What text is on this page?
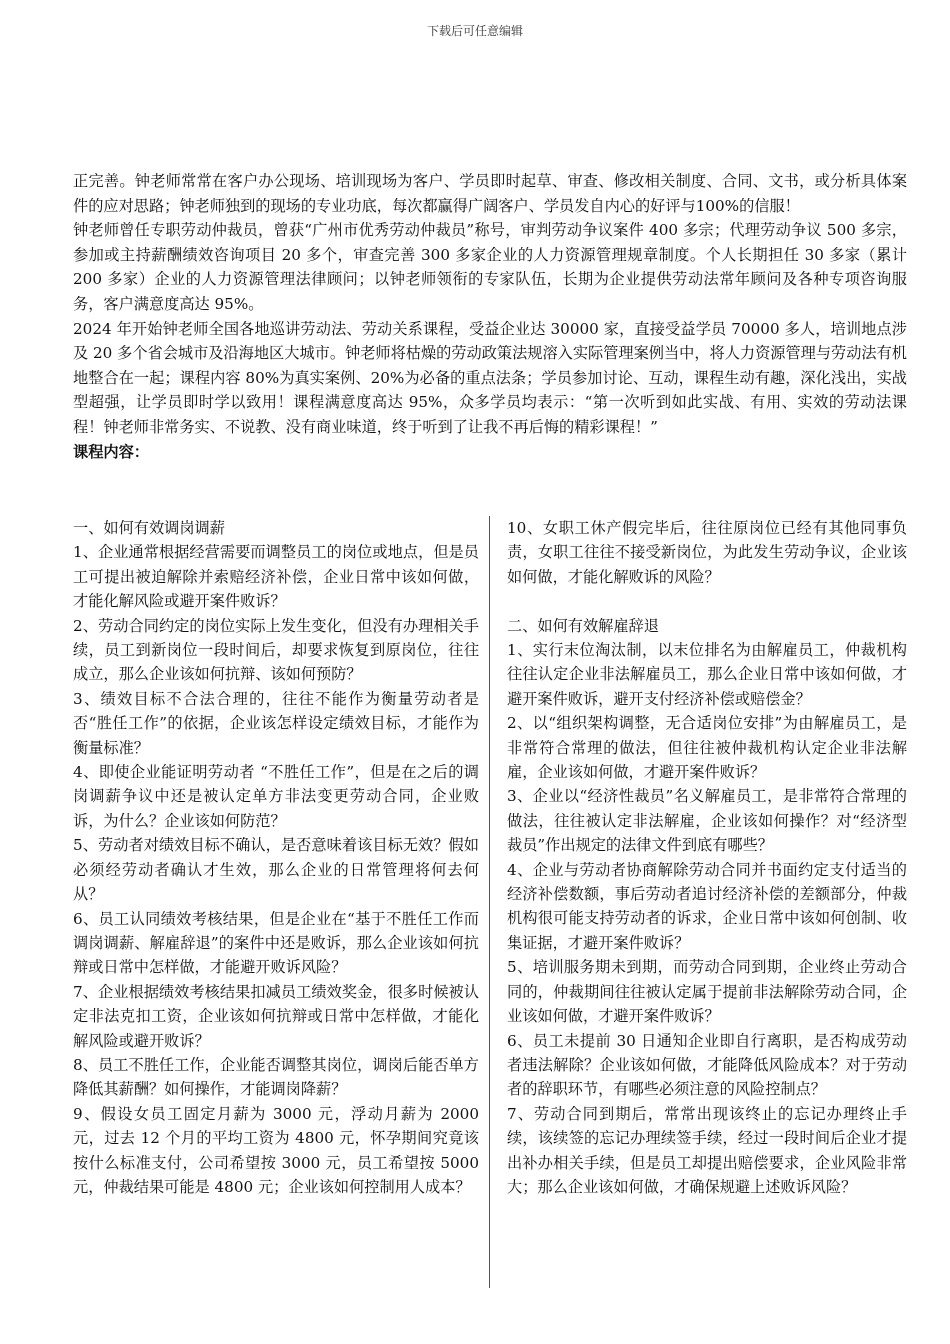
下载后可任意编辑

正完善。钟老师常常在客户办公现场、培训现场为客户、学员即时起草、审查、修改相关制度、合同、文书，或分析具体案件的应对思路；钟老师独到的现场的专业功底，每次都赢得广阔客户、学员发自内心的好评与100%的信服！

钟老师曾任专职劳动仲裁员，曾获“广州市优秀劳动仲裁员”称号，审判劳动争议案件 400 多宗；代理劳动争议 500 多宗，参加或主持薪酬绩效咨询项目 20 多个，审查完善 300 多家企业的人力资源管理规章制度。个人长期担任 30 多家（累计 200 多家）企业的人力资源管理法律顾问；以钟老师领衔的专家队伍，长期为企业提供劳动法常年顾问及各种专项咨询服务，客户满意度高达 95%。

2024 年开始钟老师全国各地巡讲劳动法、劳动关系课程，受益企业达 30000 家，直接受益学员 70000 多人，培训地点涉及 20 多个省会城市及沿海地区大城市。钟老师将枯燥的劳动政策法规溶入实际管理案例当中，将人力资源管理与劳动法有机地整合在一起；课程内容 80%为真实案例、20%为必备的重点法条；学员参加讨论、互动，课程生动有趣，深化浅出，实战型超强，让学员即时学以致用！课程满意度高达 95%，众多学员均表示：“第一次听到如此实战、有用、实效的劳动法课程！钟老师非常务实、不说教、没有商业味道，终于听到了让我不再后悔的精彩课程！”

课程内容：

一、如何有效调岗调薪

1、企业通常根据经营需要而调整员工的岗位或地点，但是员工可提出被迫解除并索赔经济补偿，企业日常中该如何做，才能化解风险或避开案件败诉？

2、劳动合同约定的岗位实际上发生变化，但没有办理相关手续，员工到新岗位一段时间后，却要求恢复到原岗位，往往成立，那么企业该如何抗辩、该如何预防？

3、绩效目标不合法合理的，往往不能作为衡量劳动者是否“胜任工作”的依据，企业该怎样设定绩效目标，才能作为衡量标准？

4、即使企业能证明劳动者 “不胜任工作”，但是在之后的调岗调薪争议中还是被认定单方非法变更劳动合同，企业败诉，为什么？企业该如何防范？

5、劳动者对绩效目标不确认，是否意味着该目标无效？假如必须经劳动者确认才生效，那么企业的日常管理将何去何从？

6、员工认同绩效考核结果，但是企业在“基于不胜任工作而调岗调薪、解雇辞退”的案件中还是败诉，那么企业该如何抗辩或日常中怎样做，才能避开败诉风险？

7、企业根据绩效考核结果扣减员工绩效奖金，很多时候被认定非法克扣工资，企业该如何抗辩或日常中怎样做，才能化解风险或避开败诉？

8、员工不胜任工作，企业能否调整其岗位，调岗后能否单方降低其薪酬？如何操作，才能调岗降薪？

9、假设女员工固定月薪为 3000 元，浮动月薪为 2000 元，过去 12 个月的平均工资为 4800 元，怀孕期间究竟该按什么标准支付，公司希望按 3000 元，员工希望按 5000 元，仲裁结果可能是 4800 元；企业该如何控制用人成本？

10、女职工休产假完毕后，往往原岗位已经有其他同事负责，女职工往往不接受新岗位，为此发生劳动争议，企业该如何做，才能化解败诉的风险？

二、如何有效解雇辞退

1、实行末位淘汰制，以末位排名为由解雇员工，仲裁机构往往认定企业非法解雇员工，那么企业日常中该如何做，才避开案件败诉，避开支付经济补偿或赔偿金？

2、以“组织架构调整，无合适岗位安排”为由解雇员工，是非常符合常理的做法，但往往被仲裁机构认定企业非法解雇，企业该如何做，才避开案件败诉？

3、企业以“经济性裁员”名义解雇员工，是非常符合常理的做法，往往被认定非法解雇，企业该如何操作？对“经济型裁员”作出规定的法律文件到底有哪些？

4、企业与劳动者协商解除劳动合同并书面约定支付适当的经济补偿数额，事后劳动者追讨经济补偿的差额部分，仲裁机构很可能支持劳动者的诉求，企业日常中该如何创制、收集证据，才避开案件败诉？

5、培训服务期未到期，而劳动合同到期，企业终止劳动合同的，仲裁期间往往被认定属于提前非法解除劳动合同，企业该如何做，才避开案件败诉？

6、员工未提前 30 日通知企业即自行离职，是否构成劳动者违法解除？企业该如何做，才能降低风险成本？对于劳动者的辞职环节，有哪些必须注意的风险控制点？

7、劳动合同到期后，常常出现该终止的忘记办理终止手续，该续签的忘记办理续签手续，经过一段时间后企业才提出补办相关手续，但是员工却提出赔偿要求，企业风险非常大；那么企业该如何做，才确保规避上述败诉风险？
